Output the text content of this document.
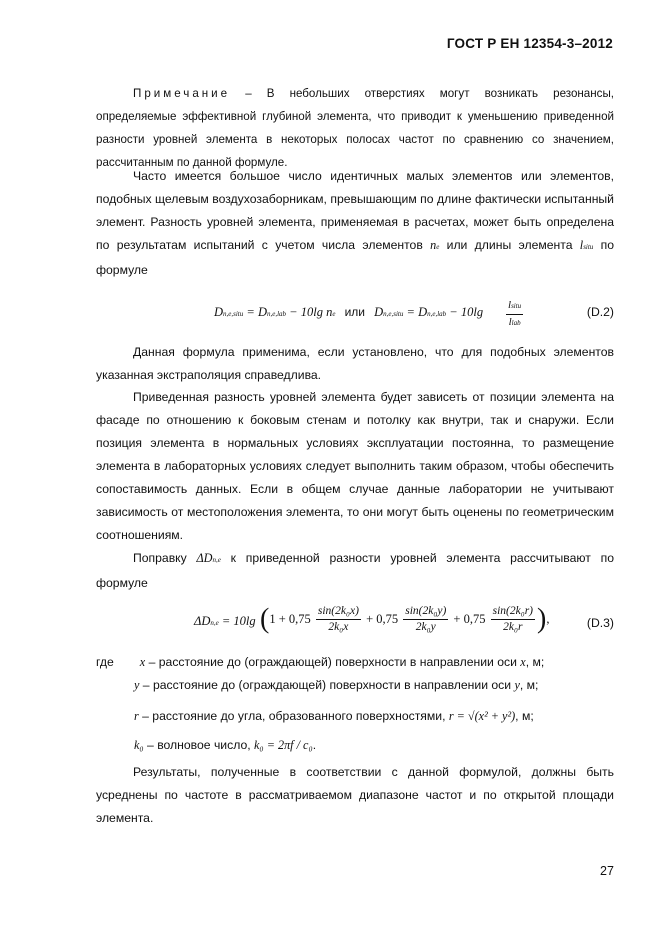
ГОСТ Р ЕН 12354-3–2012
Примечание – В небольших отверстиях могут возникать резонансы, определяемые эффективной глубиной элемента, что приводит к уменьшению приведенной разности уровней элемента в некоторых полосах частот по сравнению со значением, рассчитанным по данной формуле.
Часто имеется большое число идентичных малых элементов или элементов, подобных щелевым воздухозаборникам, превышающим по длине фактически испытанный элемент. Разность уровней элемента, применяемая в расчетах, может быть определена по результатам испытаний с учетом числа элементов ne или длины элемента lsitu по формуле
Dn,e,situ = Dn,e,lab − 10lg ne или Dn,e,situ = Dn,e,lab − 10lg lsitu
llab
(D.2)
Данная формула применима, если установлено, что для подобных элементов указанная экстраполяция справедлива.
Приведенная разность уровней элемента будет зависеть от позиции элемента на фасаде по отношению к боковым стенам и потолку как внутри, так и снаружи. Если позиция элемента в нормальных условиях эксплуатации постоянна, то размещение элемента в лабораторных условиях следует выполнить таким образом, чтобы обеспечить сопоставимость данных. Если в общем случае данные лаборатории не учитывают зависимость от местоположения элемента, то они могут быть оценены по геометрическим соотношениям.
Поправку ΔDn,e к приведенной разности уровней элемента рассчитывают по формуле
ΔDn,e = 10lg ($1 + 0,75 \frac{\text{sin(2k₀x)}}{\text{2k₀x}} + 0,75 \frac{\text{sin(2k₀y)}}{\text{2k₀y}} + 0,75 \frac{\text{sin(2k₀r)}}{\text{2k₀r}}$ ),	(D.3)
где x – расстояние до (ограждающей) поверхности в направлении оси x, м;
y – расстояние до (ограждающей) поверхности в направлении оси y, м;
r – расстояние до угла, образованного поверхностями, r = √(x² + y²), м;
k₀ – волновое число, k₀ = 2πf / c₀.
Результаты, полученные в соответствии с данной формулой, должны быть усреднены по частоте в рассматриваемом диапазоне частот и по открытой площади элемента.
27
